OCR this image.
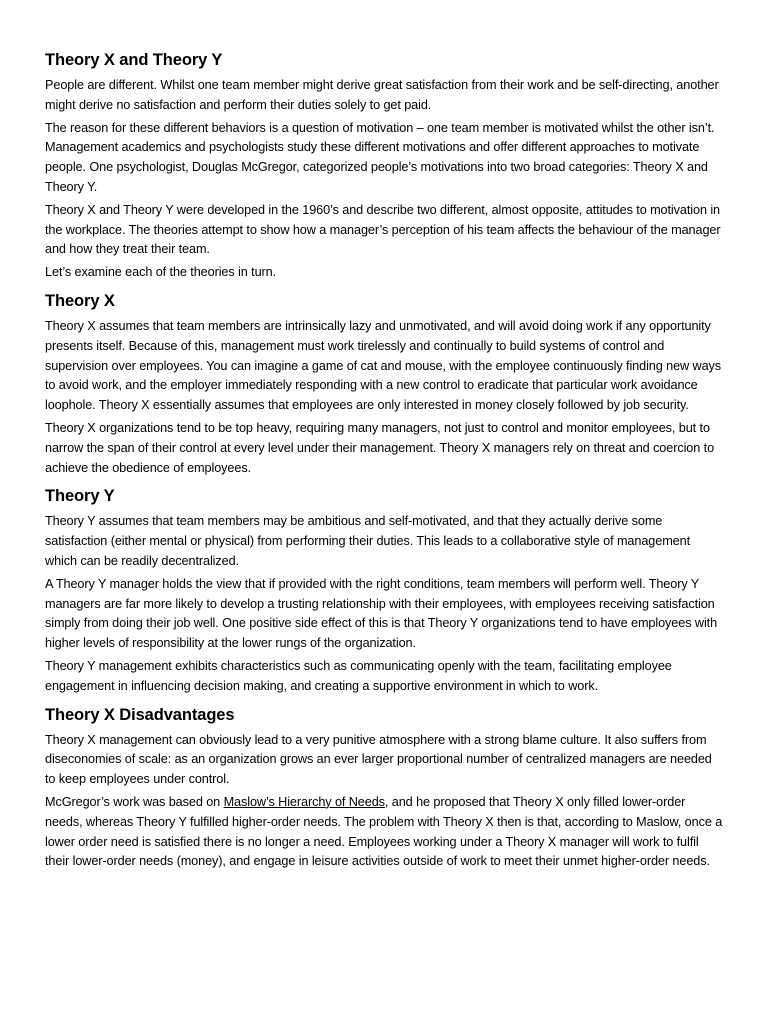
Theory X and Theory Y

People are different. Whilst one team member might derive great satisfaction from their work and be self-directing, another might derive no satisfaction and perform their duties solely to get paid.

The reason for these different behaviors is a question of motivation – one team member is motivated whilst the other isn’t. Management academics and psychologists study these different motivations and offer different approaches to motivate people. One psychologist, Douglas McGregor, categorized people’s motivations into two broad categories: Theory X and Theory Y.

Theory X and Theory Y were developed in the 1960’s and describe two different, almost opposite, attitudes to motivation in the workplace. The theories attempt to show how a manager’s perception of his team affects the behaviour of the manager and how they treat their team.

Let’s examine each of the theories in turn.

Theory X

Theory X assumes that team members are intrinsically lazy and unmotivated, and will avoid doing work if any opportunity presents itself. Because of this, management must work tirelessly and continually to build systems of control and supervision over employees. You can imagine a game of cat and mouse, with the employee continuously finding new ways to avoid work, and the employer immediately responding with a new control to eradicate that particular work avoidance loophole. Theory X essentially assumes that employees are only interested in money closely followed by job security.

Theory X organizations tend to be top heavy, requiring many managers, not just to control and monitor employees, but to narrow the span of their control at every level under their management. Theory X managers rely on threat and coercion to achieve the obedience of employees.

Theory Y

Theory Y assumes that team members may be ambitious and self-motivated, and that they actually derive some satisfaction (either mental or physical) from performing their duties. This leads to a collaborative style of management which can be readily decentralized.

A Theory Y manager holds the view that if provided with the right conditions, team members will perform well. Theory Y managers are far more likely to develop a trusting relationship with their employees, with employees receiving satisfaction simply from doing their job well. One positive side effect of this is that Theory Y organizations tend to have employees with higher levels of responsibility at the lower rungs of the organization.

Theory Y management exhibits characteristics such as communicating openly with the team, facilitating employee engagement in influencing decision making, and creating a supportive environment in which to work.

Theory X Disadvantages

Theory X management can obviously lead to a very punitive atmosphere with a strong blame culture. It also suffers from diseconomies of scale: as an organization grows an ever larger proportional number of centralized managers are needed to keep employees under control.

McGregor’s work was based on Maslow’s Hierarchy of Needs, and he proposed that Theory X only filled lower-order needs, whereas Theory Y fulfilled higher-order needs. The problem with Theory X then is that, according to Maslow, once a lower order need is satisfied there is no longer a need. Employees working under a Theory X manager will work to fulfil their lower-order needs (money), and engage in leisure activities outside of work to meet their unmet higher-order needs.
